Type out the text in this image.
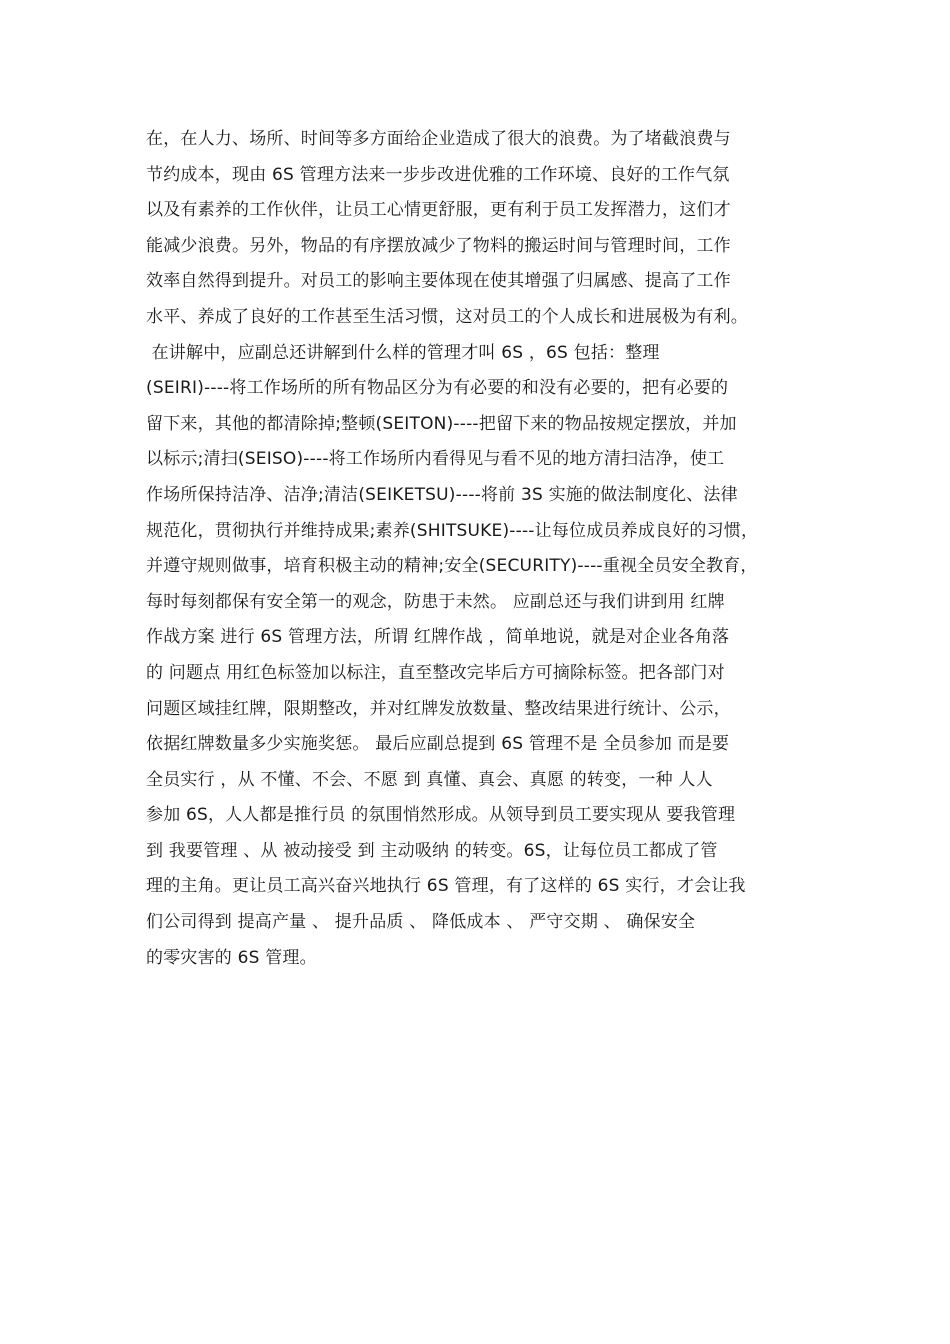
在，在人力、场所、时间等多方面给企业造成了很大的浪费。为了堵截浪费与
节约成本，现由 6S 管理方法来一步步改进优雅的工作环境、良好的工作气氛
以及有素养的工作伙伴，让员工心情更舒服，更有利于员工发挥潜力，这们才
能减少浪费。另外，物品的有序摆放减少了物料的搬运时间与管理时间，工作
效率自然得到提升。对员工的影响主要体现在使其增强了归属感、提高了工作
水平、养成了良好的工作甚至生活习惯，这对员工的个人成长和进展极为有利。
在讲解中，应副总还讲解到什么样的管理才叫 6S ，6S 包括：整理
(SEIRI)----将工作场所的所有物品区分为有必要的和没有必要的，把有必要的
留下来，其他的都清除掉;整顿(SEITON)----把留下来的物品按规定摆放，并加
以标示;清扫(SEISO)----将工作场所内看得见与看不见的地方清扫洁净，使工
作场所保持洁净、洁净;清洁(SEIKETSU)----将前 3S 实施的做法制度化、法律
规范化，贯彻执行并维持成果;素养(SHITSUKE)----让每位成员养成良好的习惯，
并遵守规则做事，培育积极主动的精神;安全(SECURITY)----重视全员安全教育，
每时每刻都保有安全第一的观念，防患于未然。 应副总还与我们讲到用 红牌
作战方案 进行 6S 管理方法，所谓 红牌作战 ，简单地说，就是对企业各角落
的 问题点 用红色标签加以标注，直至整改完毕后方可摘除标签。把各部门对
问题区域挂红牌，限期整改，并对红牌发放数量、整改结果进行统计、公示，
依据红牌数量多少实施奖惩。 最后应副总提到 6S 管理不是 全员参加 而是要
全员实行 ，从 不懂、不会、不愿 到 真懂、真会、真愿 的转变，一种 人人
参加 6S，人人都是推行员 的氛围悄然形成。从领导到员工要实现从 要我管理
到 我要管理 、从 被动接受 到 主动吸纳 的转变。6S，让每位员工都成了管
理的主角。更让员工高兴奋兴地执行 6S 管理，有了这样的 6S 实行，才会让我
们公司得到 提高产量 、 提升品质 、 降低成本 、 严守交期 、 确保安全
的零灾害的 6S 管理。
